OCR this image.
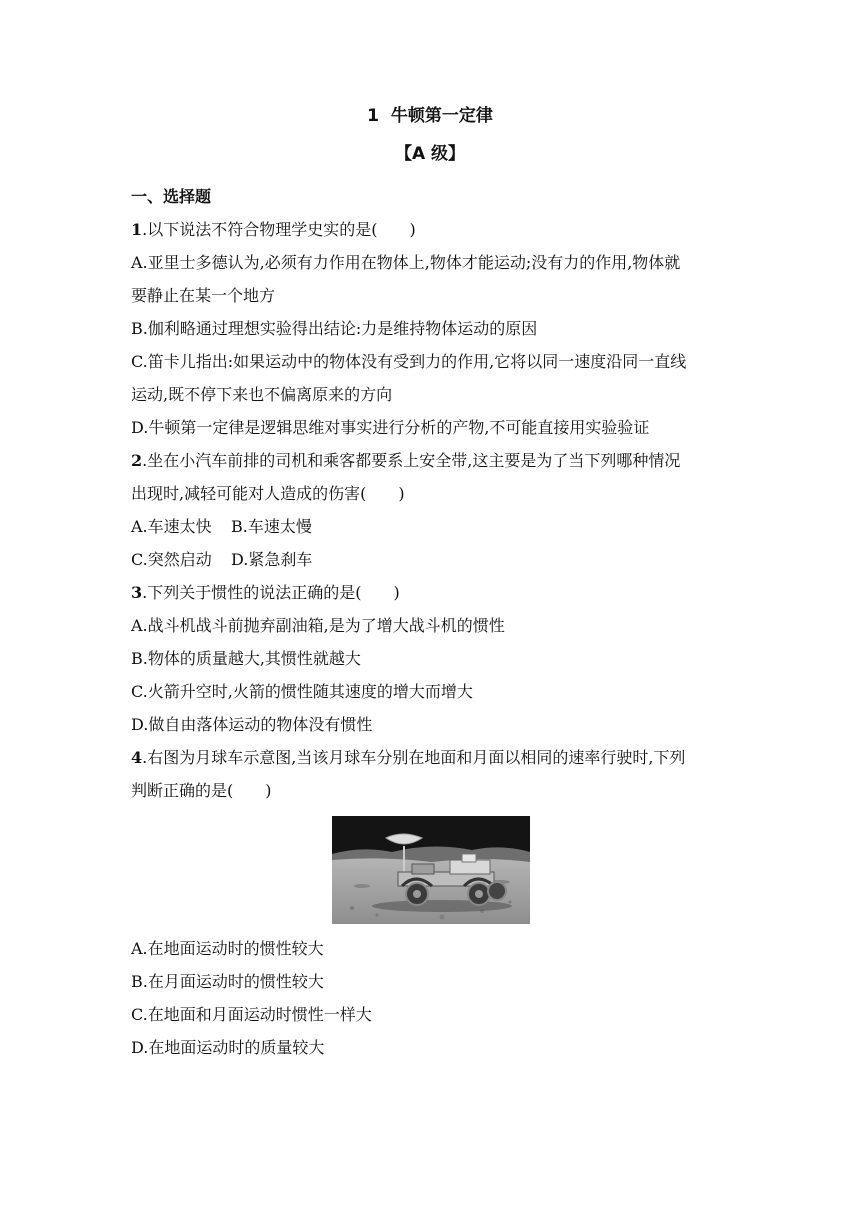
1 牛顿第一定律
【A 级】

一、选择题

1.以下说法不符合物理学史实的是(　　)

A.亚里士多德认为,必须有力作用在物体上,物体才能运动;没有力的作用,物体就

要静止在某一个地方

B.伽利略通过理想实验得出结论:力是维持物体运动的原因

C.笛卡儿指出:如果运动中的物体没有受到力的作用,它将以同一速度沿同一直线

运动,既不停下来也不偏离原来的方向

D.牛顿第一定律是逻辑思维对事实进行分析的产物,不可能直接用实验验证

2.坐在小汽车前排的司机和乘客都要系上安全带,这主要是为了当下列哪种情况

出现时,减轻可能对人造成的伤害(　　)

A.车速太快 B.车速太慢

C.突然启动 D.紧急刹车

3.下列关于惯性的说法正确的是(　　)

A.战斗机战斗前抛弃副油箱,是为了增大战斗机的惯性

B.物体的质量越大,其惯性就越大

C.火箭升空时,火箭的惯性随其速度的增大而增大

D.做自由落体运动的物体没有惯性

4.右图为月球车示意图,当该月球车分别在地面和月面以相同的速率行驶时,下列

判断正确的是(　　)

A.在地面运动时的惯性较大

B.在月面运动时的惯性较大

C.在地面和月面运动时惯性一样大

D.在地面运动时的质量较大
